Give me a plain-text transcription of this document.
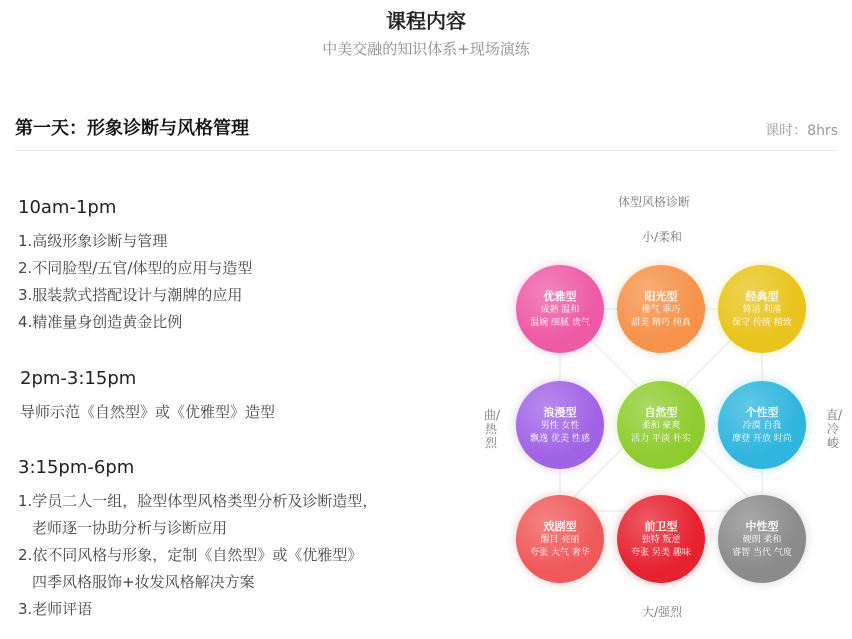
课程内容
中美交融的知识体系+现场演练
第一天：形象诊断与风格管理	课时：8hrs
10am-1pm
1.高级形象诊断与管理
2.不同脸型/五官/体型的应用与造型
3.服装款式搭配设计与潮牌的应用
4.精准量身创造黄金比例
2pm-3:15pm
导师示范《自然型》或《优雅型》造型
3:15pm-6pm
1.学员二人一组，脸型体型风格类型分析及诊断造型，
老师逐一协助分析与诊断应用
2.依不同风格与形象，定制《自然型》或《优雅型》
四季风格服饰+妆发风格解决方案
3.老师评语
体型风格诊断
小/柔和
大/强烈
曲/热烈
直/冷峻
优雅型
成熟 温和
温婉 细腻 贵气
阳光型
稚气 乖巧
甜美 精巧 纯真
经典型
简洁 利落
保守 传统 精致
浪漫型
男性 女性
飘逸 优美 性感
自然型
柔和 豪爽
活力 平淡 朴实
个性型
冷漠 自我
摩登 开放 时尚
戏剧型
醒目 亮丽
夸张 大气 奢华
前卫型
独特 叛逆
夸张 另类 趣味
中性型
硬朗 柔和
睿智 当代 气度
